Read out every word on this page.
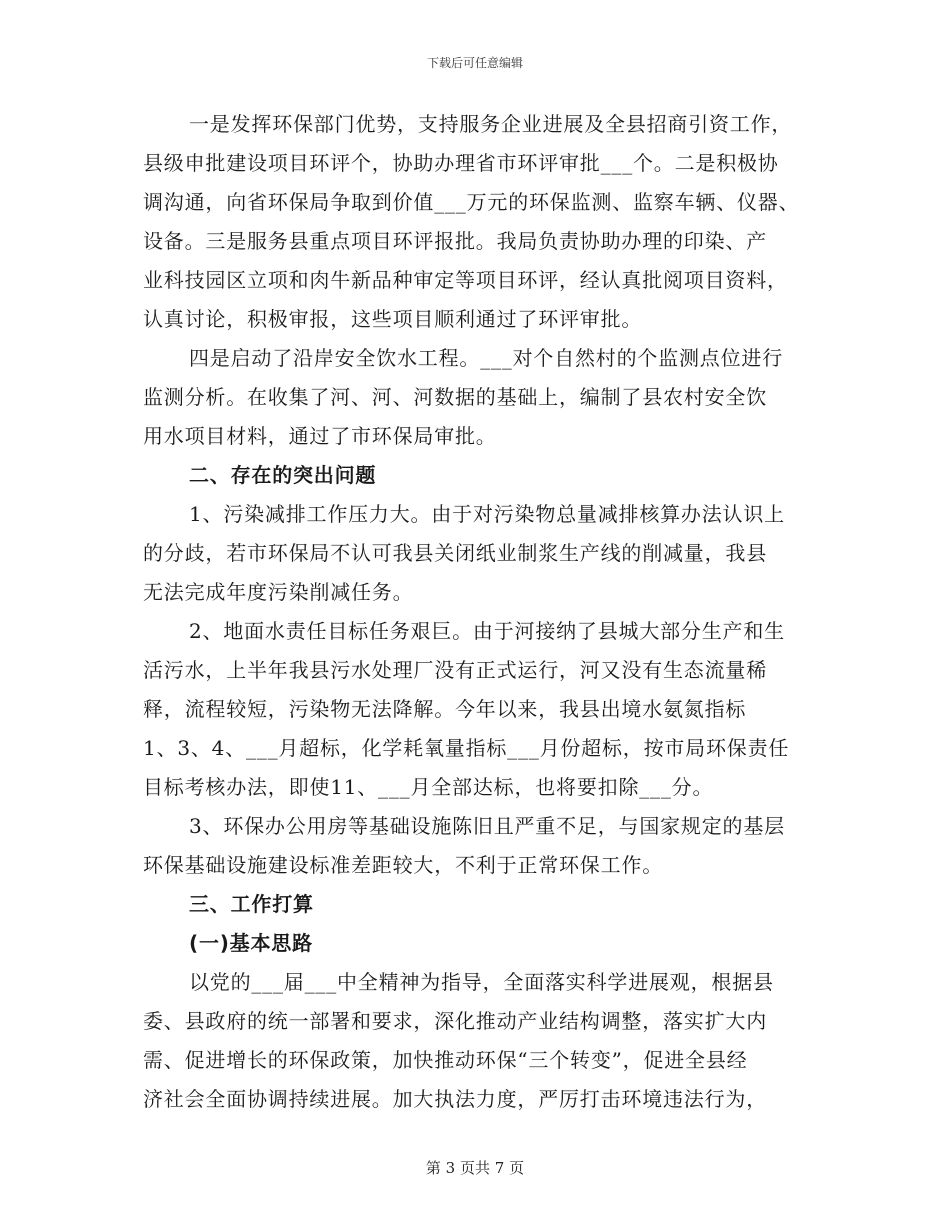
下载后可任意编辑
一是发挥环保部门优势，支持服务企业进展及全县招商引资工作，
县级申批建设项目环评个，协助办理省市环评审批___个。二是积极协
调沟通，向省环保局争取到价值___万元的环保监测、监察车辆、仪器、
设备。三是服务县重点项目环评报批。我局负责协助办理的印染、产
业科技园区立项和肉牛新品种审定等项目环评，经认真批阅项目资料，
认真讨论，积极审报，这些项目顺利通过了环评审批。
四是启动了沿岸安全饮水工程。___对个自然村的个监测点位进行
监测分析。在收集了河、河、河数据的基础上，编制了县农村安全饮
用水项目材料，通过了市环保局审批。
二、存在的突出问题
1、污染减排工作压力大。由于对污染物总量减排核算办法认识上
的分歧，若市环保局不认可我县关闭纸业制浆生产线的削减量，我县
无法完成年度污染削减任务。
2、地面水责任目标任务艰巨。由于河接纳了县城大部分生产和生
活污水，上半年我县污水处理厂没有正式运行，河又没有生态流量稀
释，流程较短，污染物无法降解。今年以来，我县出境水氨氮指标
1、3、4、___月超标，化学耗氧量指标___月份超标，按市局环保责任
目标考核办法，即使11、___月全部达标，也将要扣除___分。
3、环保办公用房等基础设施陈旧且严重不足，与国家规定的基层
环保基础设施建设标准差距较大，不利于正常环保工作。
三、工作打算
(一)基本思路
以党的___届___中全精神为指导，全面落实科学进展观，根据县
委、县政府的统一部署和要求，深化推动产业结构调整，落实扩大内
需、促进增长的环保政策，加快推动环保“三个转变”，促进全县经
济社会全面协调持续进展。加大执法力度，严厉打击环境违法行为，
第 3 页共 7 页
